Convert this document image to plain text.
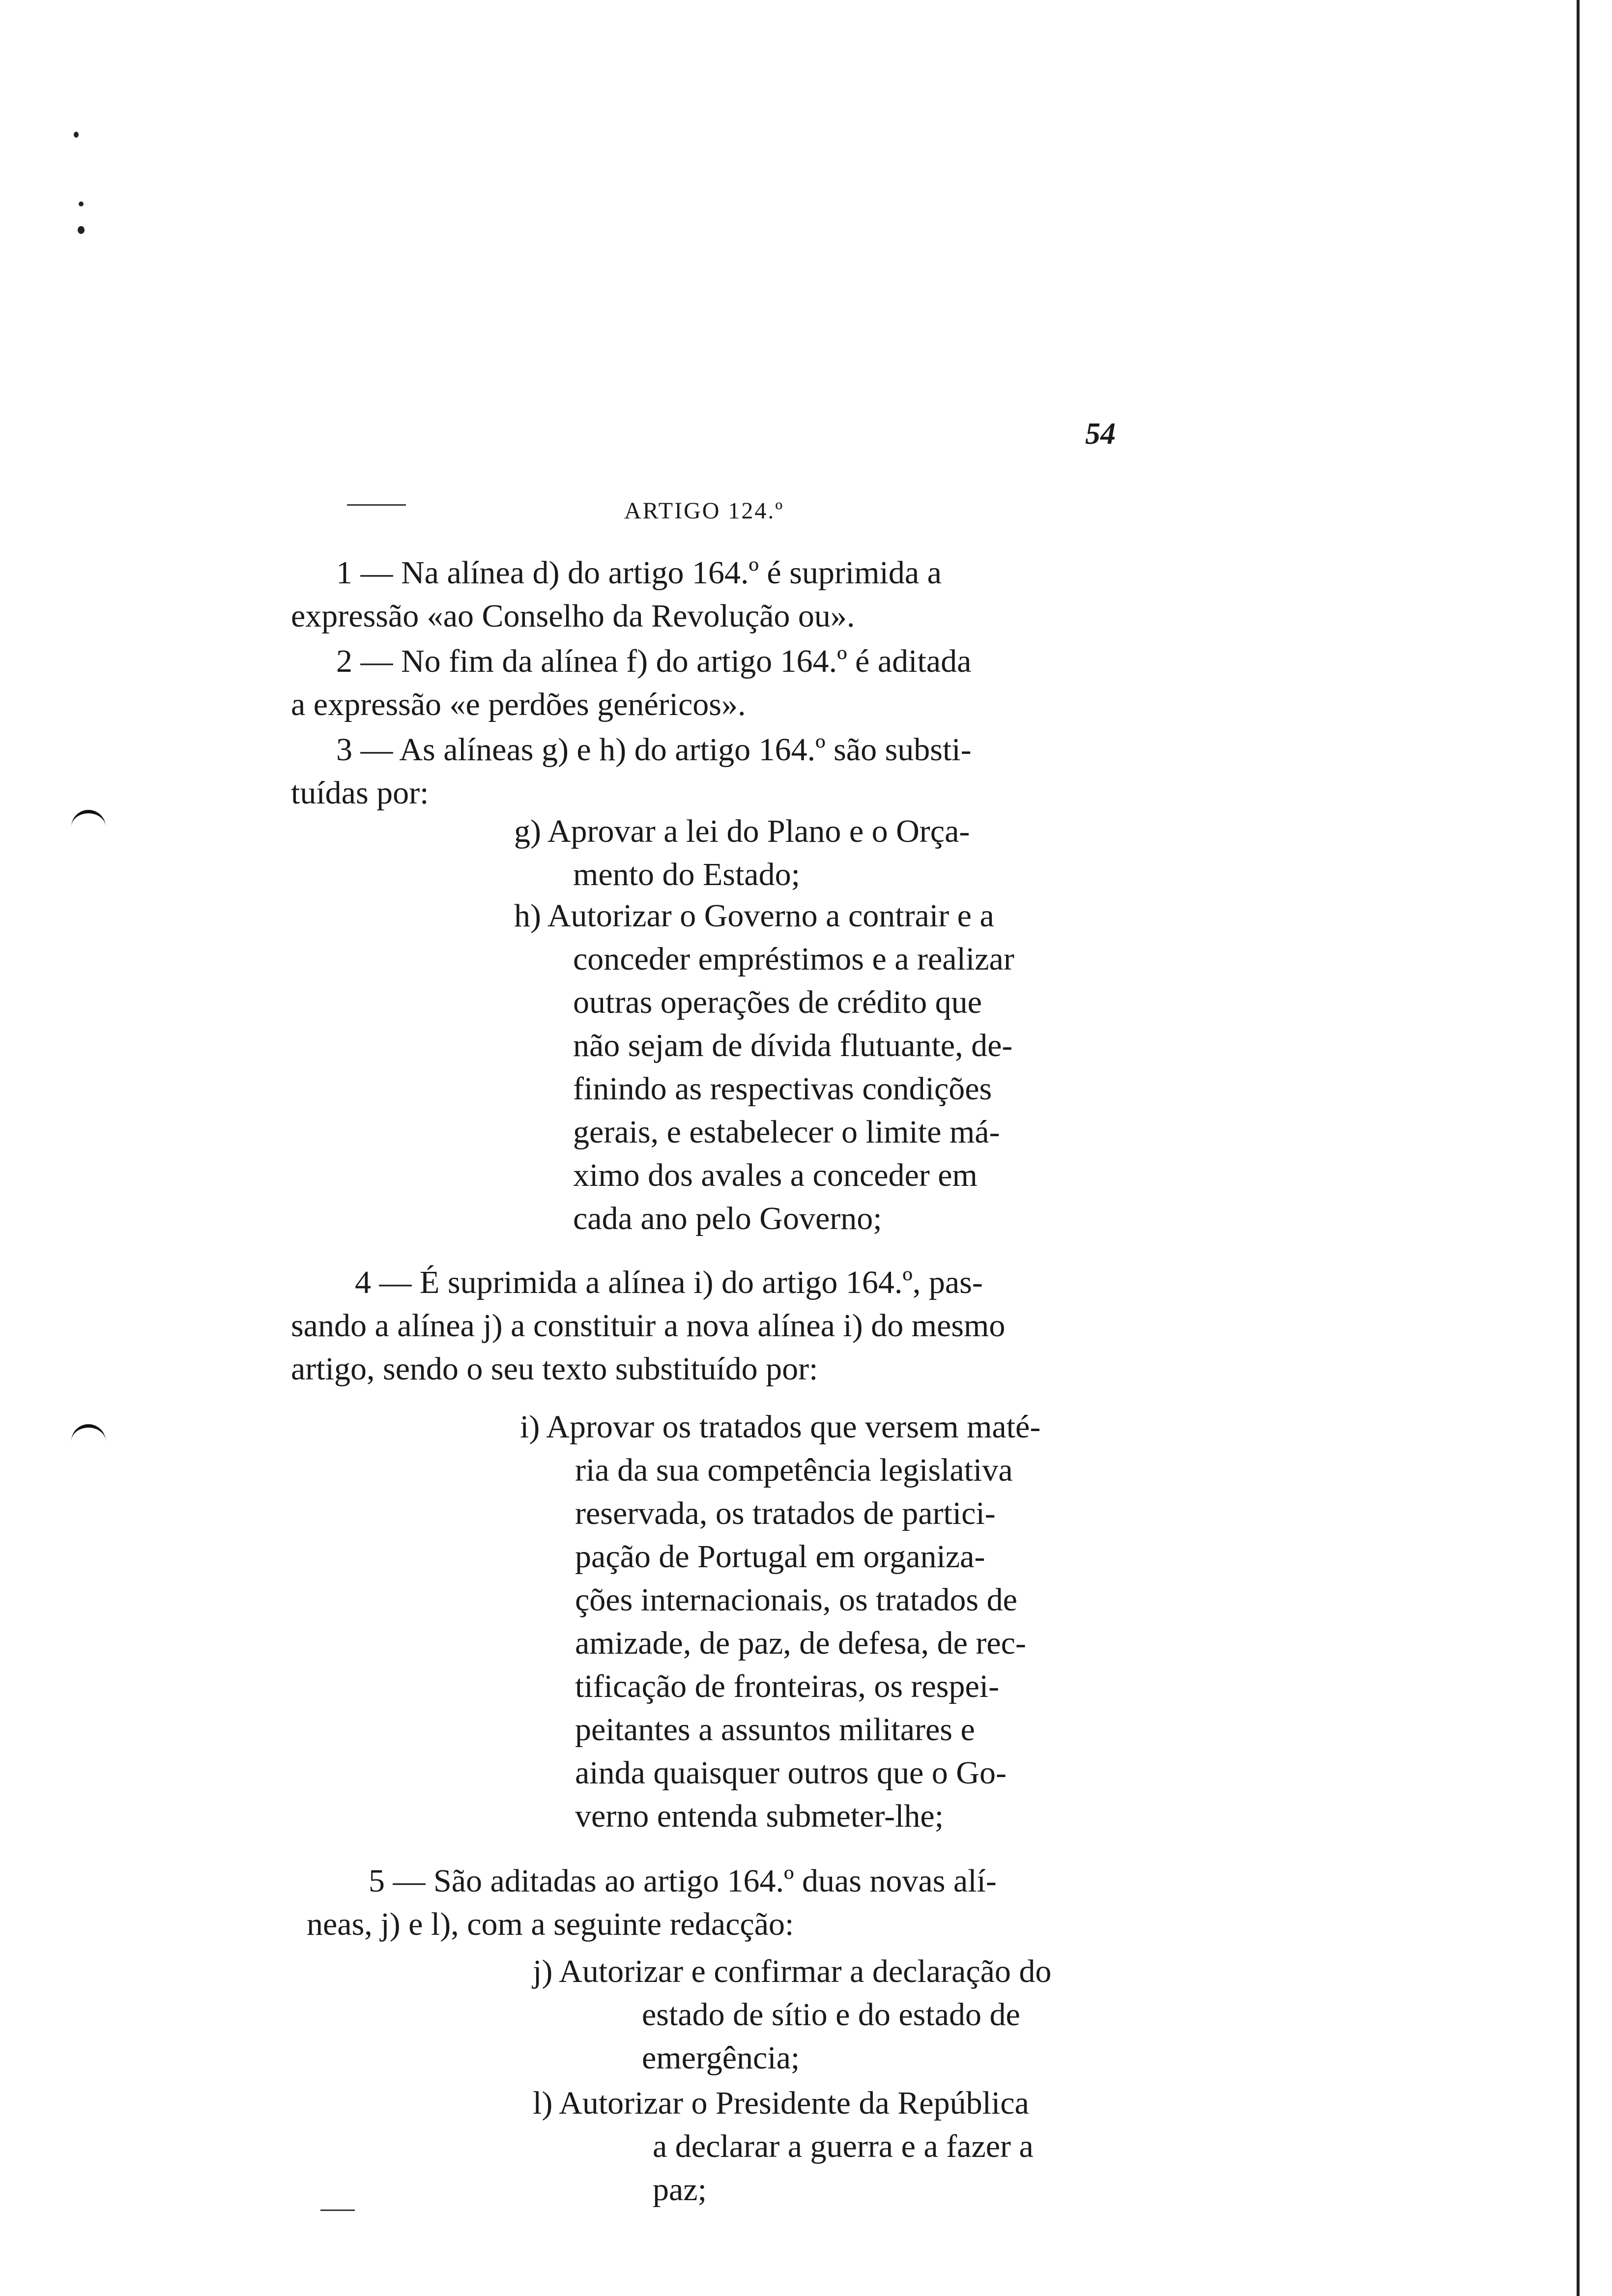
54
ARTIGO 124.º
1 — Na alínea d) do artigo 164.º é suprimida a
expressão «ao Conselho da Revolução ou».
2 — No fim da alínea f) do artigo 164.º é aditada
a expressão «e perdões genéricos».
3 — As alíneas g) e h) do artigo 164.º são substi-
tuídas por:
g) Aprovar a lei do Plano e o Orça-
mento do Estado;
h) Autorizar o Governo a contrair e a
conceder empréstimos e a realizar
outras operações de crédito que
não sejam de dívida flutuante, de-
finindo as respectivas condições
gerais, e estabelecer o limite má-
ximo dos avales a conceder em
cada ano pelo Governo;
4 — É suprimida a alínea i) do artigo 164.º, pas-
sando a alínea j) a constituir a nova alínea i) do mesmo
artigo, sendo o seu texto substituído por:
i) Aprovar os tratados que versem maté-
ria da sua competência legislativa
reservada, os tratados de partici-
pação de Portugal em organiza-
ções internacionais, os tratados de
amizade, de paz, de defesa, de rec-
tificação de fronteiras, os respei-
peitantes a assuntos militares e
ainda quaisquer outros que o Go-
verno entenda submeter-lhe;
5 — São aditadas ao artigo 164.º duas novas alí-
neas, j) e l), com a seguinte redacção:
j) Autorizar e confirmar a declaração do
estado de sítio e do estado de
emergência;
l) Autorizar o Presidente da República
a declarar a guerra e a fazer a
paz;
